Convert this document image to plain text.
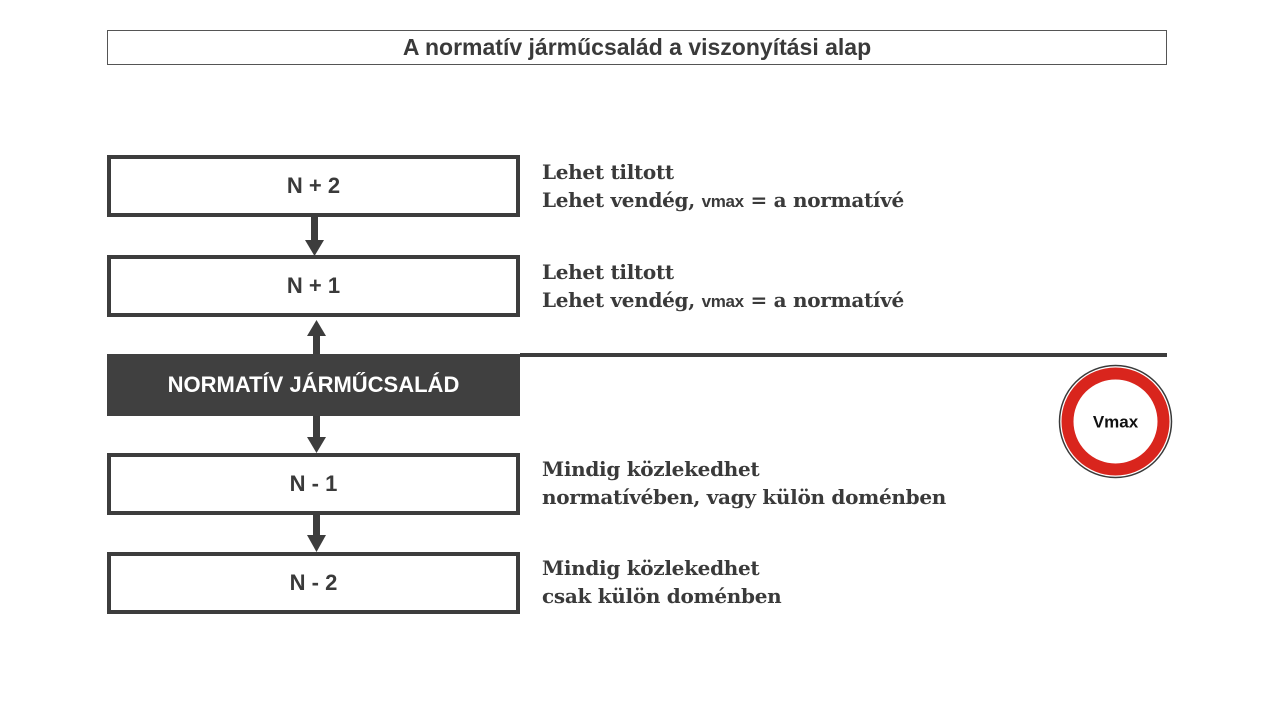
A normatív járműcsalád a viszonyítási alap
N + 2
N + 1
NORMATÍV JÁRMŰCSALÁD
N - 1
N - 2
Lehet tiltott
Lehet vendég, vmax = a normatívé
Lehet tiltott
Lehet vendég, vmax = a normatívé
Mindig közlekedhet
normatívében, vagy külön doménben
Mindig közlekedhet
csak külön doménben
Vmax
